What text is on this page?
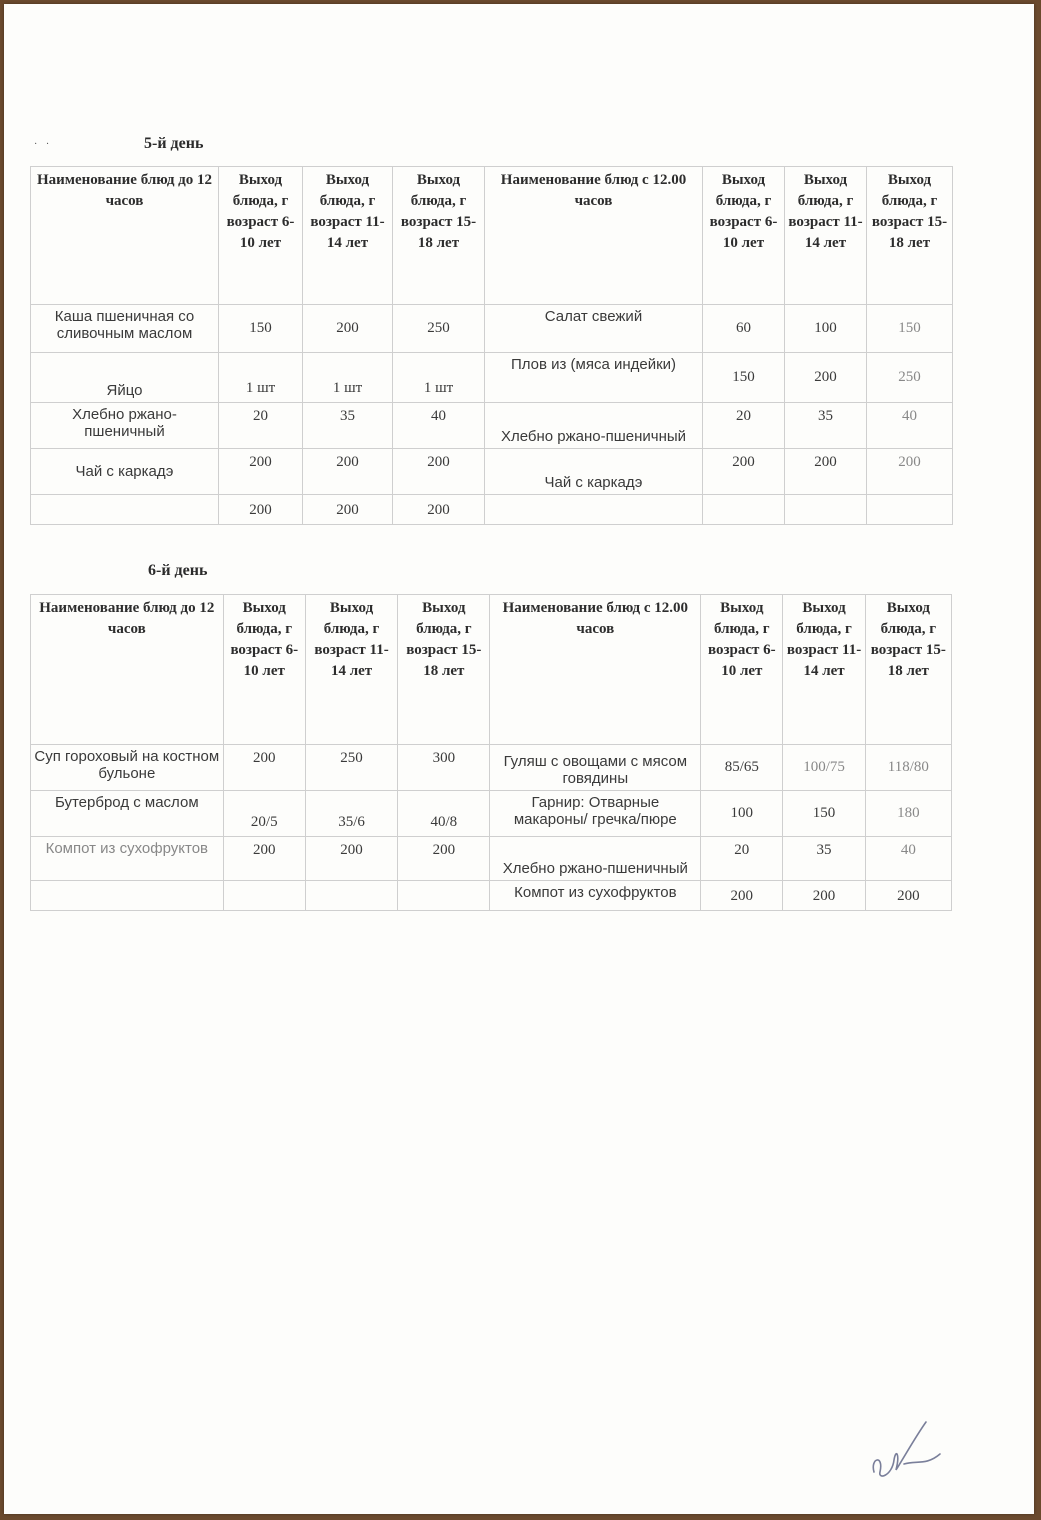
· ·	5-й день
Наименование блюд до 12 часов	Выход блюда, г возраст 6-10 лет	Выход блюда, г возраст 11-14 лет	Выход блюда, г возраст 15-18 лет	Наименование блюд с 12.00 часов	Выход блюда, г возраст 6-10 лет	Выход блюда, г возраст 11-14 лет	Выход блюда, г возраст 15-18 лет
Каша пшеничная со сливочным маслом	150	200	250	Салат свежий	60	100	150
Яйцо	1 шт	1 шт	1 шт	Плов из (мяса индейки)	150	200	250
Хлебно ржано-пшеничный	20	35	40	Хлебно ржано-пшеничный	20	35	40
Чай с каркадэ	200	200	200	Чай с каркадэ	200	200	200
	200	200	200				
6-й день
Наименование блюд до 12 часов	Выход блюда, г возраст 6-10 лет	Выход блюда, г возраст 11-14 лет	Выход блюда, г возраст 15-18 лет	Наименование блюд с 12.00 часов	Выход блюда, г возраст 6-10 лет	Выход блюда, г возраст 11-14 лет	Выход блюда, г возраст 15-18 лет
Суп гороховый на костном бульоне	200	250	300	Гуляш с овощами с мясом говядины	85/65	100/75	118/80
Бутерброд с маслом	20/5	35/6	40/8	Гарнир: Отварные макароны/ гречка/пюре	100	150	180
Компот из сухофруктов	200	200	200	Хлебно ржано-пшеничный	20	35	40
				Компот из сухофруктов	200	200	200
